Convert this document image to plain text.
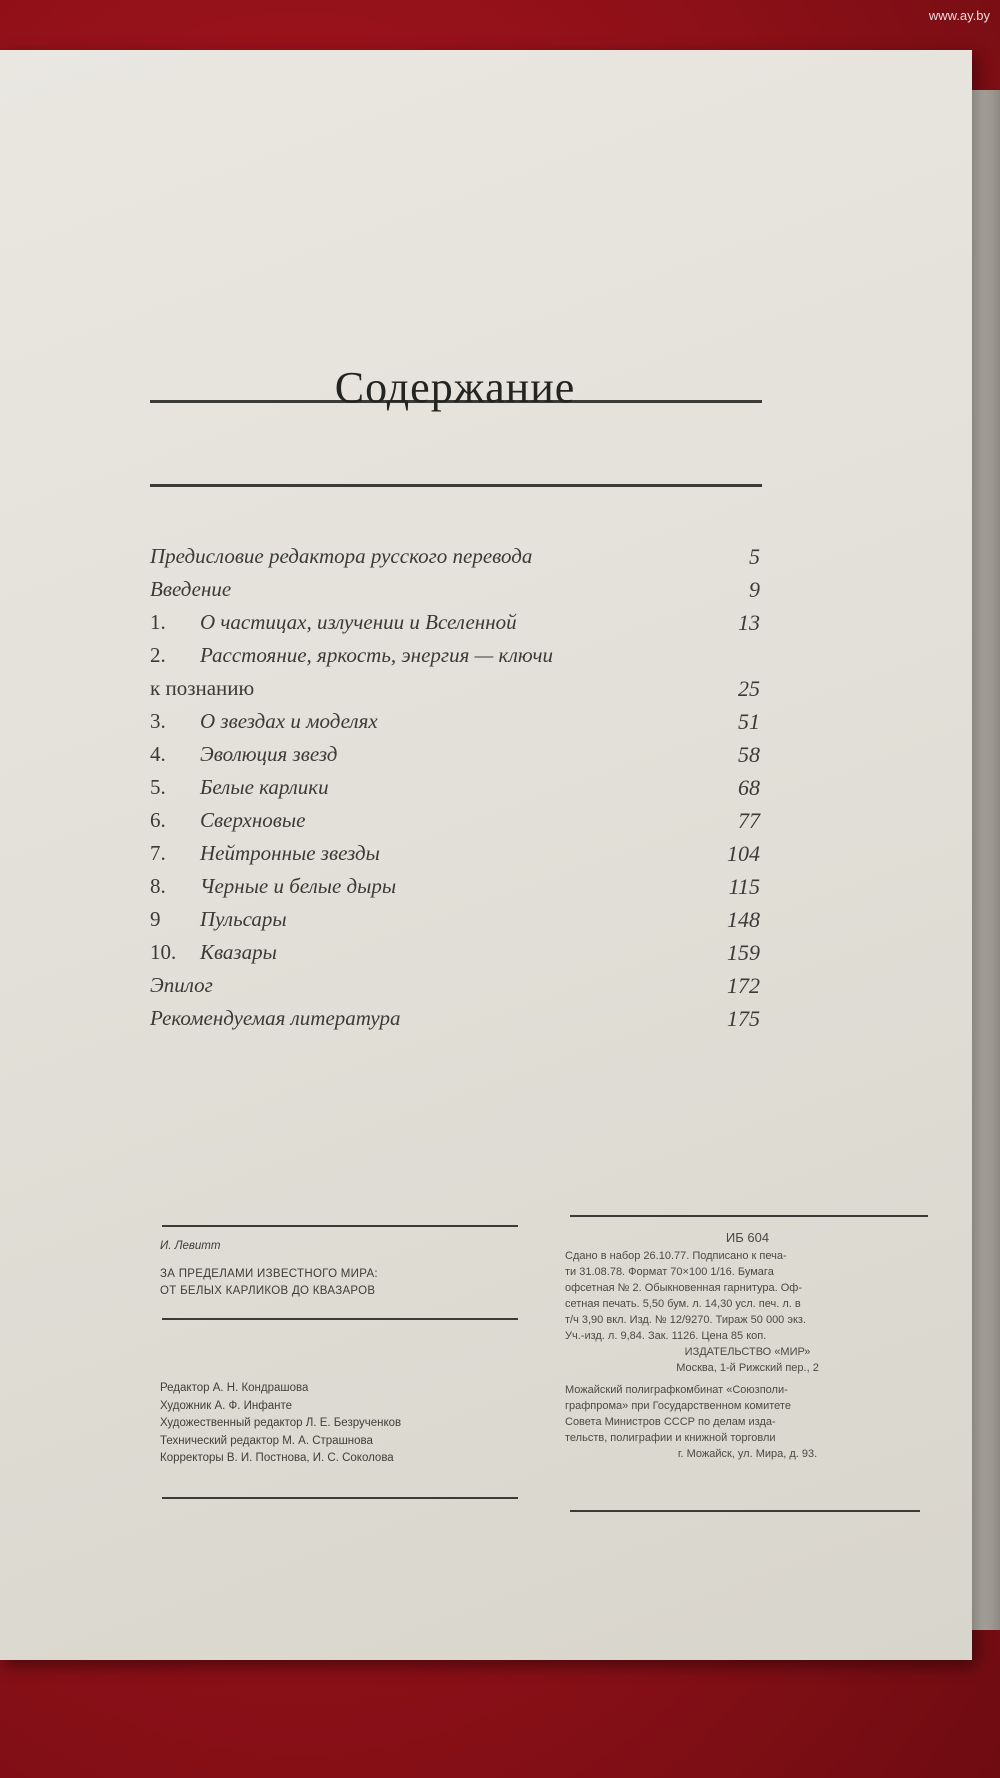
www.ay.by
Содержание
Предисловие редактора русского перевода	5
Введение	9
1. О частицах, излучении и Вселенной	13
2. Расстояние, яркость, энергия — ключи
к познанию	25
3. О звездах и моделях	51
4. Эволюция звезд	58
5. Белые карлики	68
6. Сверхновые	77
7. Нейтронные звезды	104
8. Черные и белые дыры	115
9 Пульсары	148
10. Квазары	159
Эпилог	172
Рекомендуемая литература	175
И. Левитт
ЗА ПРЕДЕЛАМИ ИЗВЕСТНОГО МИРА:
ОТ БЕЛЫХ КАРЛИКОВ ДО КВАЗАРОВ
Редактор А. Н. Кондрашова
Художник А. Ф. Инфанте
Художественный редактор Л. Е. Безрученков
Технический редактор М. А. Страшнова
Корректоры В. И. Постнова, И. С. Соколова
ИБ 604
Сдано в набор 26.10.77. Подписано к печа-
ти 31.08.78. Формат 70×100 1/16. Бумага
офсетная № 2. Обыкновенная гарнитура. Оф-
сетная печать. 5,50 бум. л. 14,30 усл. печ. л. в
т/ч 3,90 вкл. Изд. № 12/9270. Тираж 50 000 экз.
Уч.-изд. л. 9,84. Зак. 1126. Цена 85 коп.
ИЗДАТЕЛЬСТВО «МИР»
Москва, 1-й Рижский пер., 2
Можайский полиграфкомбинат «Союзполи-
графпрома» при Государственном комитете
Совета Министров СССР по делам изда-
тельств, полиграфии и книжной торговли
г. Можайск, ул. Мира, д. 93.
